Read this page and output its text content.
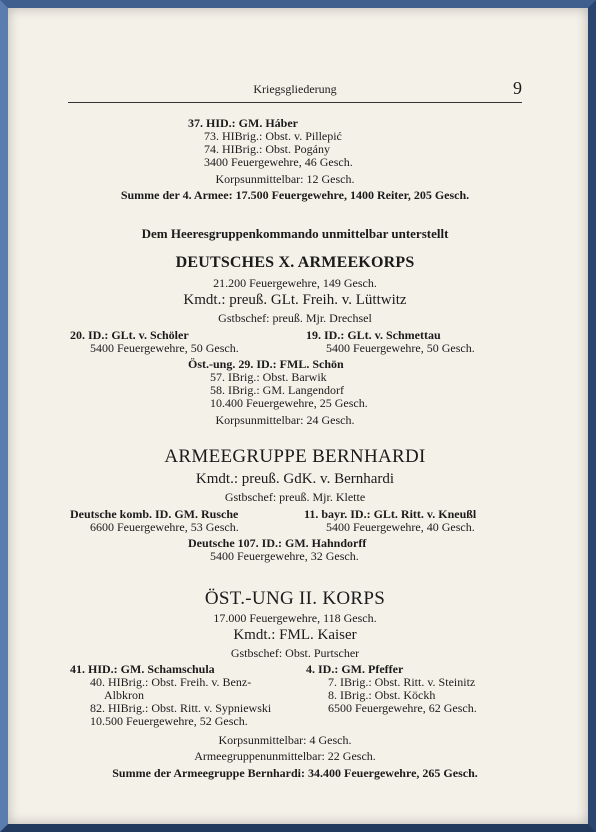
Kriegsgliederung	9
37. HID.: GM. Háber
73. HIBrig.: Obst. v. Pillepić
74. HIBrig.: Obst. Pogány
3400 Feuergewehre, 46 Gesch.
Korpsunmittelbar: 12 Gesch.
Summe der 4. Armee: 17.500 Feuergewehre, 1400 Reiter, 205 Gesch.
Dem Heeresgruppenkommando unmittelbar unterstellt
DEUTSCHES X. ARMEEKORPS
21.200 Feuergewehre, 149 Gesch.
Kmdt.: preuß. GLt. Freih. v. Lüttwitz
Gstbschef: preuß. Mjr. Drechsel
20. ID.: GLt. v. Schöler
5400 Feuergewehre, 50 Gesch.
19. ID.: GLt. v. Schmettau
5400 Feuergewehre, 50 Gesch.
Öst.-ung. 29. ID.: FML. Schön
57. IBrig.: Obst. Barwik
58. IBrig.: GM. Langendorf
10.400 Feuergewehre, 25 Gesch.
Korpsunmittelbar: 24 Gesch.
ARMEEGRUPPE BERNHARDI
Kmdt.: preuß. GdK. v. Bernhardi
Gstbschef: preuß. Mjr. Klette
Deutsche komb. ID. GM. Rusche
6600 Feuergewehre, 53 Gesch.
11. bayr. ID.: GLt. Ritt. v. Kneußl
5400 Feuergewehre, 40 Gesch.
Deutsche 107. ID.: GM. Hahndorff
5400 Feuergewehre, 32 Gesch.
ÖST.-UNG II. KORPS
17.000 Feuergewehre, 118 Gesch.
Kmdt.: FML. Kaiser
Gstbschef: Obst. Purtscher
41. HID.: GM. Schamschula
40. HIBrig.: Obst. Freih. v. Benz-
Albkron
82. HIBrig.: Obst. Ritt. v. Sypniewski
10.500 Feuergewehre, 52 Gesch.
4. ID.: GM. Pfeffer
7. IBrig.: Obst. Ritt. v. Steinitz
8. IBrig.: Obst. Köckh
6500 Feuergewehre, 62 Gesch.
Korpsunmittelbar: 4 Gesch.
Armeegruppenunmittelbar: 22 Gesch.
Summe der Armeegruppe Bernhardi: 34.400 Feuergewehre, 265 Gesch.
